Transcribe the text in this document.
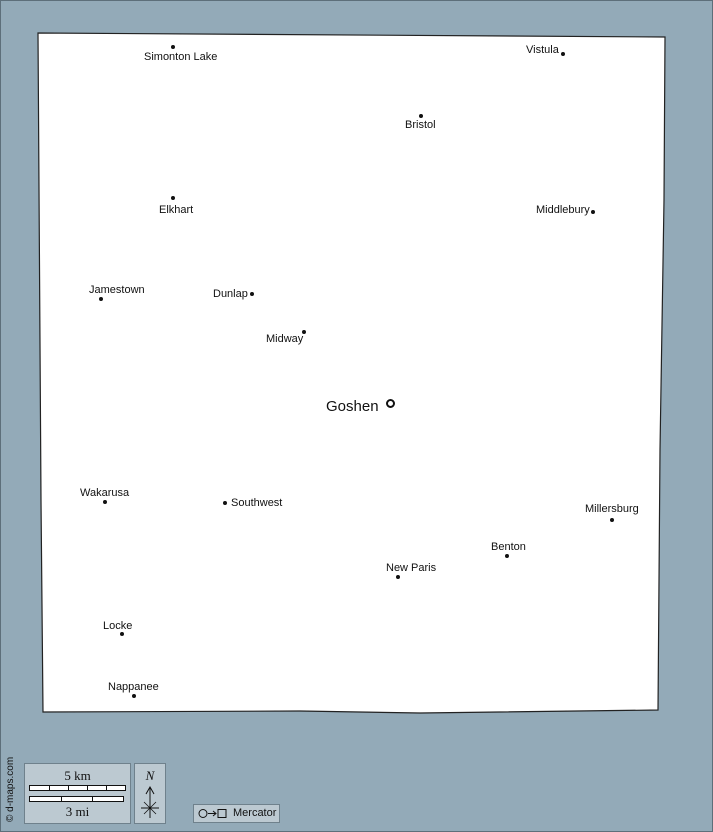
Simonton Lake
Vistula
Bristol
Elkhart	Middlebury
Jamestown	Dunlap
Midway
Wakarusa
Southwest	Millersburg
Benton
New Paris
Locke
Nappanee
Goshen
© d-maps.com	5 km
3 mi
N
Mercator
